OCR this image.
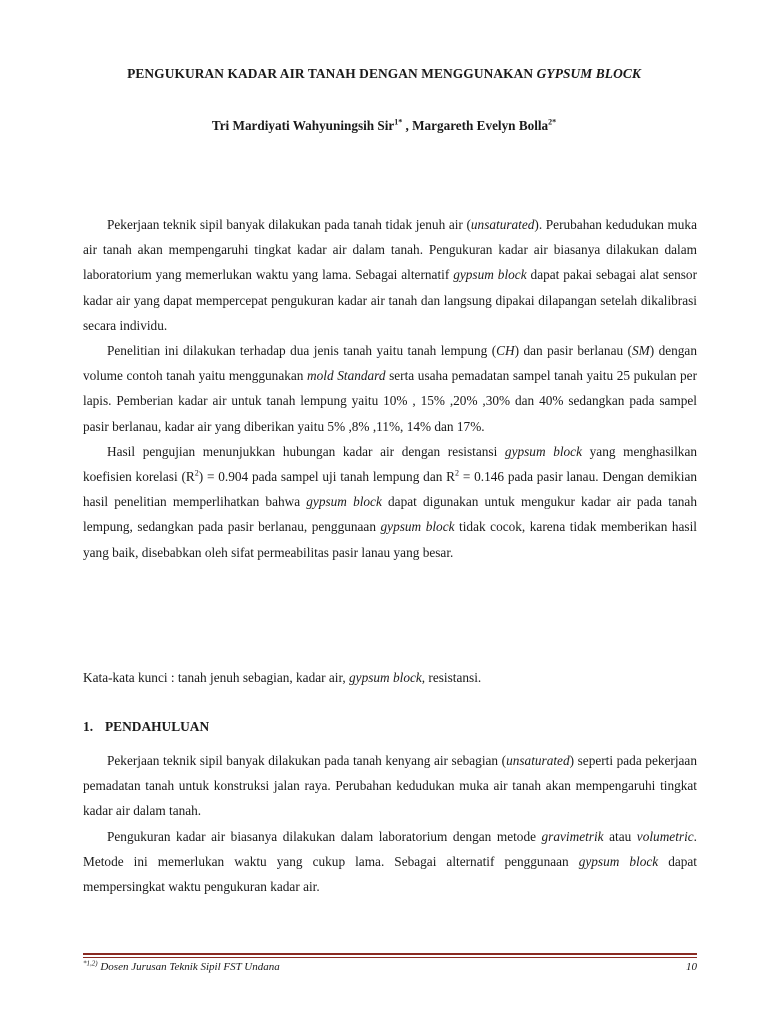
PENGUKURAN KADAR AIR TANAH DENGAN MENGGUNAKAN GYPSUM BLOCK
Tri Mardiyati Wahyuningsih Sir$^{1*}$ , Margareth Evelyn Bolla$^{2*}$

Pekerjaan teknik sipil banyak dilakukan pada tanah tidak jenuh air (unsaturated). Perubahan kedudukan muka air tanah akan mempengaruhi tingkat kadar air dalam tanah. Pengukuran kadar air biasanya dilakukan dalam laboratorium yang memerlukan waktu yang lama. Sebagai alternatif gypsum block dapat pakai sebagai alat sensor kadar air yang dapat mempercepat pengukuran kadar air tanah dan langsung dipakai dilapangan setelah dikalibrasi secara individu.

Penelitian ini dilakukan terhadap dua jenis tanah yaitu tanah lempung (CH) dan pasir berlanau (SM) dengan volume contoh tanah yaitu menggunakan mold Standard serta usaha pemadatan sampel tanah yaitu 25 pukulan per lapis. Pemberian kadar air untuk tanah lempung yaitu 10% , 15% ,20% ,30% dan 40% sedangkan pada sampel pasir berlanau, kadar air yang diberikan yaitu 5% ,8% ,11%, 14% dan 17%.

Hasil pengujian menunjukkan hubungan kadar air dengan resistansi gypsum block yang menghasilkan koefisien korelasi $(R^2) = 0.904$ pada sampel uji tanah lempung dan $R^2 = 0.146$ pada pasir lanau. Dengan demikian hasil penelitian memperlihatkan bahwa gypsum block dapat digunakan untuk mengukur kadar air pada tanah lempung, sedangkan pada pasir berlanau, penggunaan gypsum block tidak cocok, karena tidak memberikan hasil yang baik, disebabkan oleh sifat permeabilitas pasir lanau yang besar.

Kata-kata kunci : tanah jenuh sebagian, kadar air, gypsum block, resistansi.
1. PENDAHULUAN

Pekerjaan teknik sipil banyak dilakukan pada tanah kenyang air sebagian (unsaturated) seperti pada pekerjaan pemadatan tanah untuk konstruksi jalan raya. Perubahan kedudukan muka air tanah akan mempengaruhi tingkat kadar air dalam tanah.

Pengukuran kadar air biasanya dilakukan dalam laboratorium dengan metode gravimetrik atau volumetric. Metode ini memerlukan waktu yang cukup lama. Sebagai alternatif penggunaan gypsum block dapat mempersingkat waktu pengukuran kadar air.

$^{*1,2)}$ Dosen Jurusan Teknik Sipil FST Undana	10
